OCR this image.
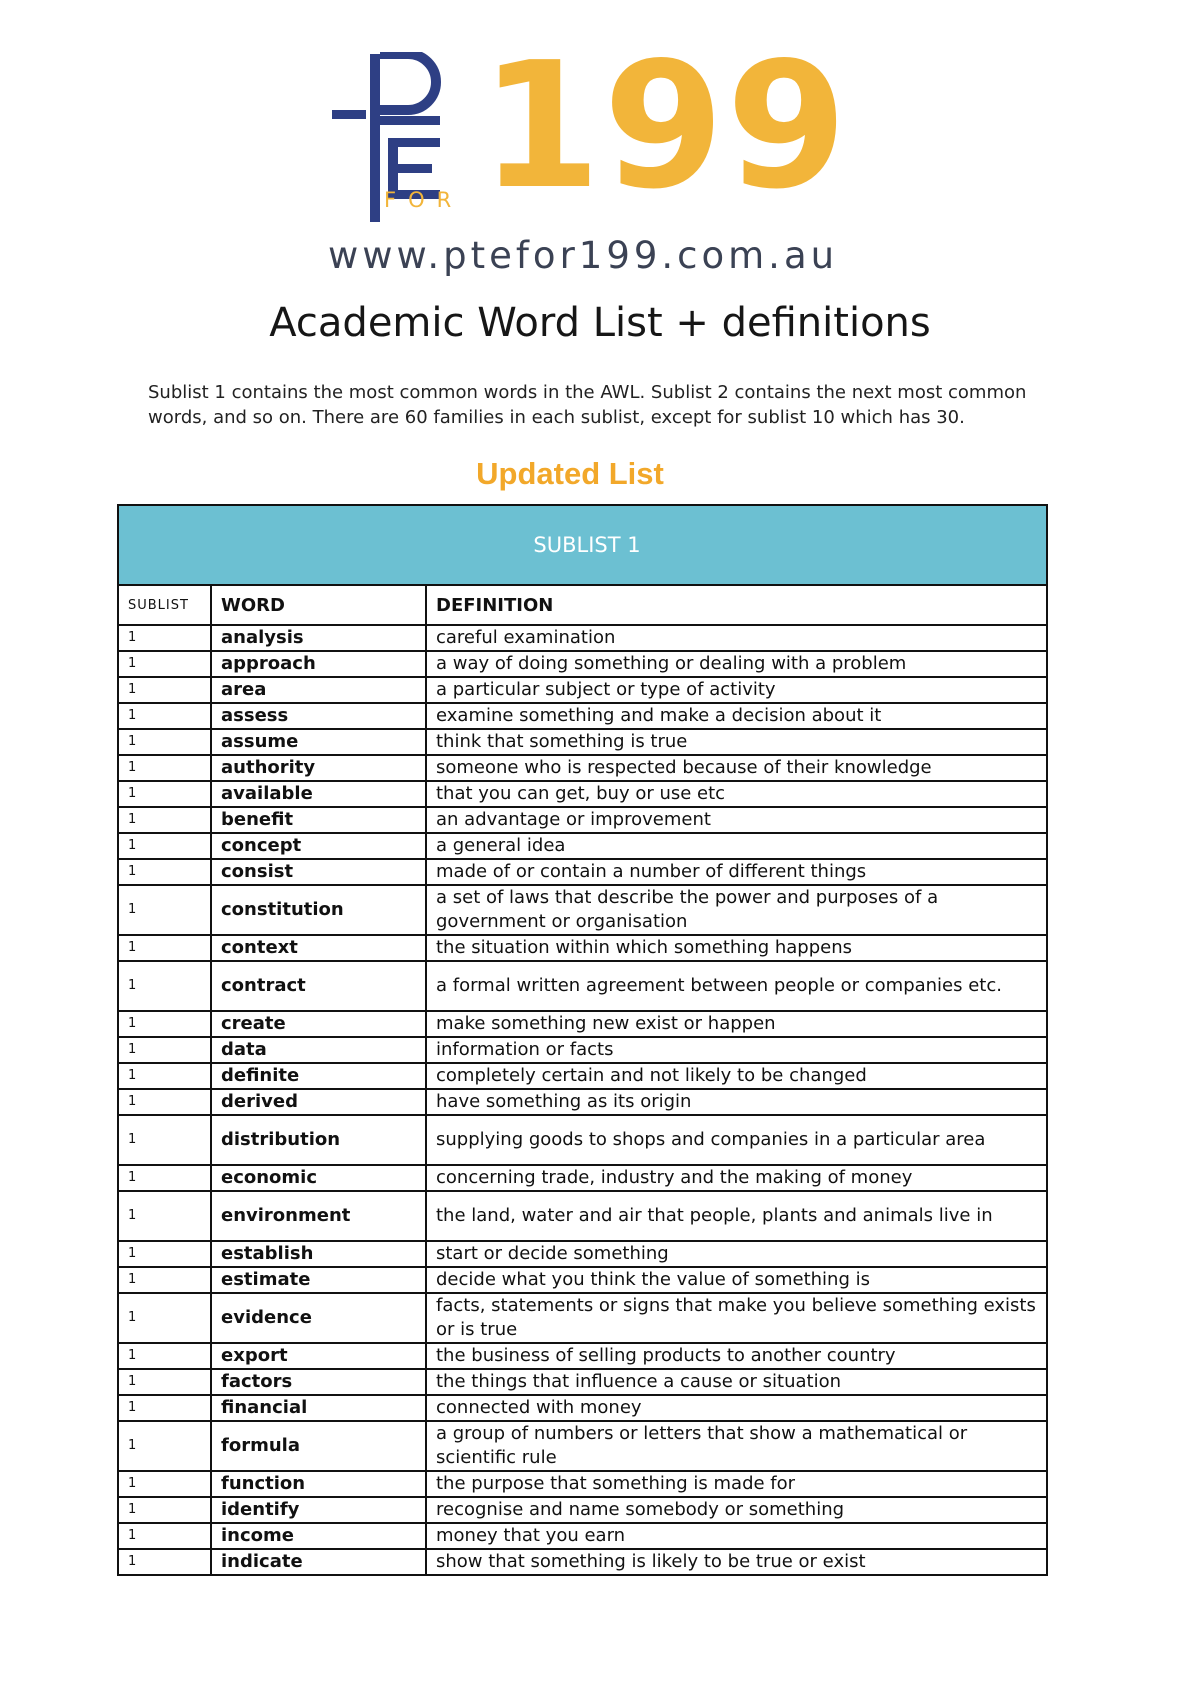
FOR 199
www.ptefor199.com.au
Academic Word List + definitions

Sublist 1 contains the most common words in the AWL. Sublist 2 contains the next most common words, and so on. There are 60 families in each sublist, except for sublist 10 which has 30.

Updated List
SUBLIST 1		
SUBLIST	WORD	DEFINITION
1	analysis	careful examination
1	approach	a way of doing something or dealing with a problem
1	area	a particular subject or type of activity
1	assess	examine something and make a decision about it
1	assume	think that something is true
1	authority	someone who is respected because of their knowledge
1	available	that you can get, buy or use etc
1	benefit	an advantage or improvement
1	concept	a general idea
1	consist	made of or contain a number of different things
1	constitution	a set of laws that describe the power and purposes of a government or organisation
1	context	the situation within which something happens
1	contract	a formal written agreement between people or companies etc.
1	create	make something new exist or happen
1	data	information or facts
1	definite	completely certain and not likely to be changed
1	derived	have something as its origin
1	distribution	supplying goods to shops and companies in a particular area
1	economic	concerning trade, industry and the making of money
1	environment	the land, water and air that people, plants and animals live in
1	establish	start or decide something
1	estimate	decide what you think the value of something is
1	evidence	facts, statements or signs that make you believe something exists or is true
1	export	the business of selling products to another country
1	factors	the things that influence a cause or situation
1	financial	connected with money
1	formula	a group of numbers or letters that show a mathematical or scientific rule
1	function	the purpose that something is made for
1	identify	recognise and name somebody or something
1	income	money that you earn
1	indicate	show that something is likely to be true or exist
